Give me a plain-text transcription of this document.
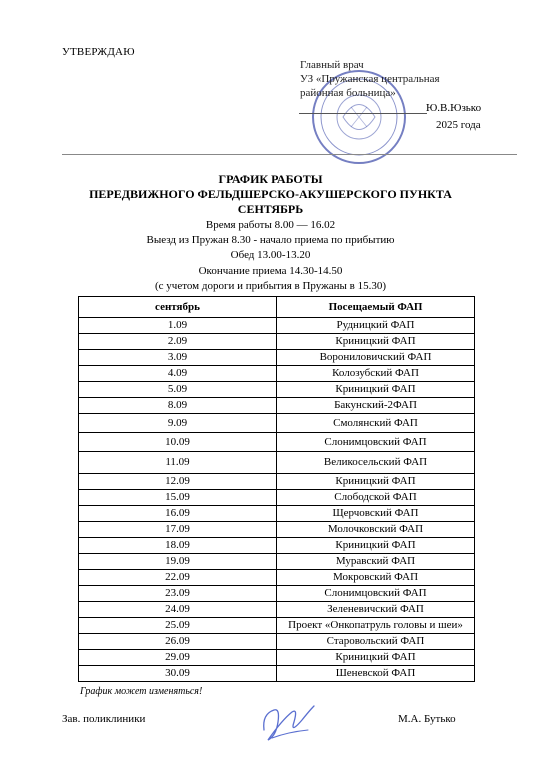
УТВЕРЖДАЮ
Главный врач
УЗ «Пружанская центральная
районная больница»
Ю.В.Юзько
2025 года
ГРАФИК РАБОТЫ
ПЕРЕДВИЖНОГО ФЕЛЬДШЕРСКО-АКУШЕРСКОГО ПУНКТА
СЕНТЯБРЬ
Время работы 8.00 — 16.02
Выезд из Пружан 8.30 - начало приема по прибытию
Обед 13.00-13.20
Окончание приема 14.30-14.50
(с учетом дороги и прибытия в Пружаны в 15.30)
сентябрь	Посещаемый ФАП
1.09	Рудницкий ФАП
2.09	Криницкий ФАП
3.09	Ворониловичский ФАП
4.09	Колозубский ФАП
5.09	Криницкий ФАП
8.09	Бакунский-2ФАП
9.09	Смолянский ФАП
10.09	Слонимцовский ФАП
11.09	Великосельский ФАП
12.09	Криницкий ФАП
15.09	Слободской ФАП
16.09	Щерчовский ФАП
17.09	Молочковский ФАП
18.09	Криницкий ФАП
19.09	Муравский ФАП
22.09	Мокровский ФАП
23.09	Слонимцовский ФАП
24.09	Зеленевичский ФАП
25.09	Проект «Онкопатруль головы и шеи»
26.09	Старовольский ФАП
29.09	Криницкий ФАП
30.09	Шеневской ФАП
График может изменяться!
Зав. поликлиники	М.А. Бутько
